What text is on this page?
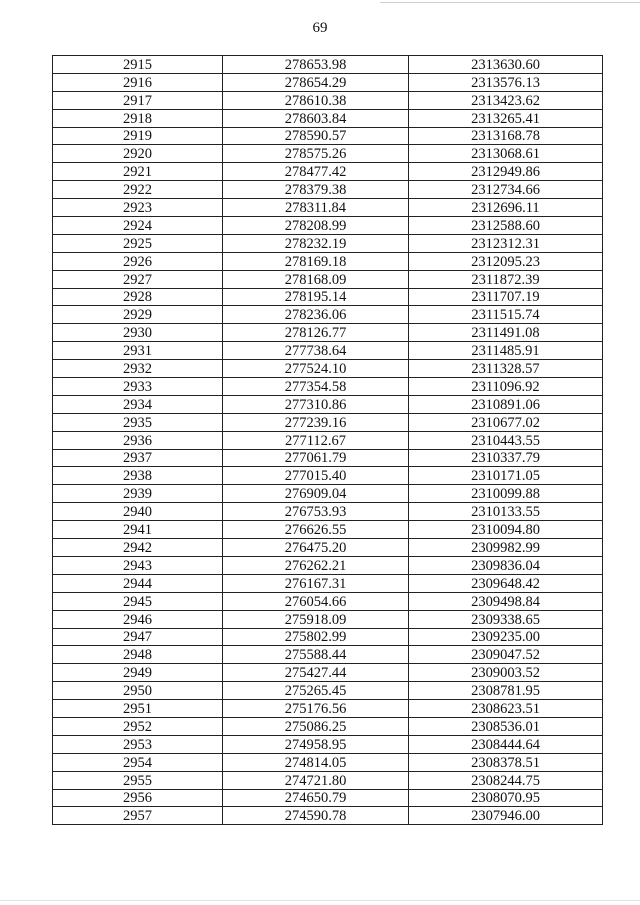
69
2915	278653.98	2313630.60
2916	278654.29	2313576.13
2917	278610.38	2313423.62
2918	278603.84	2313265.41
2919	278590.57	2313168.78
2920	278575.26	2313068.61
2921	278477.42	2312949.86
2922	278379.38	2312734.66
2923	278311.84	2312696.11
2924	278208.99	2312588.60
2925	278232.19	2312312.31
2926	278169.18	2312095.23
2927	278168.09	2311872.39
2928	278195.14	2311707.19
2929	278236.06	2311515.74
2930	278126.77	2311491.08
2931	277738.64	2311485.91
2932	277524.10	2311328.57
2933	277354.58	2311096.92
2934	277310.86	2310891.06
2935	277239.16	2310677.02
2936	277112.67	2310443.55
2937	277061.79	2310337.79
2938	277015.40	2310171.05
2939	276909.04	2310099.88
2940	276753.93	2310133.55
2941	276626.55	2310094.80
2942	276475.20	2309982.99
2943	276262.21	2309836.04
2944	276167.31	2309648.42
2945	276054.66	2309498.84
2946	275918.09	2309338.65
2947	275802.99	2309235.00
2948	275588.44	2309047.52
2949	275427.44	2309003.52
2950	275265.45	2308781.95
2951	275176.56	2308623.51
2952	275086.25	2308536.01
2953	274958.95	2308444.64
2954	274814.05	2308378.51
2955	274721.80	2308244.75
2956	274650.79	2308070.95
2957	274590.78	2307946.00
